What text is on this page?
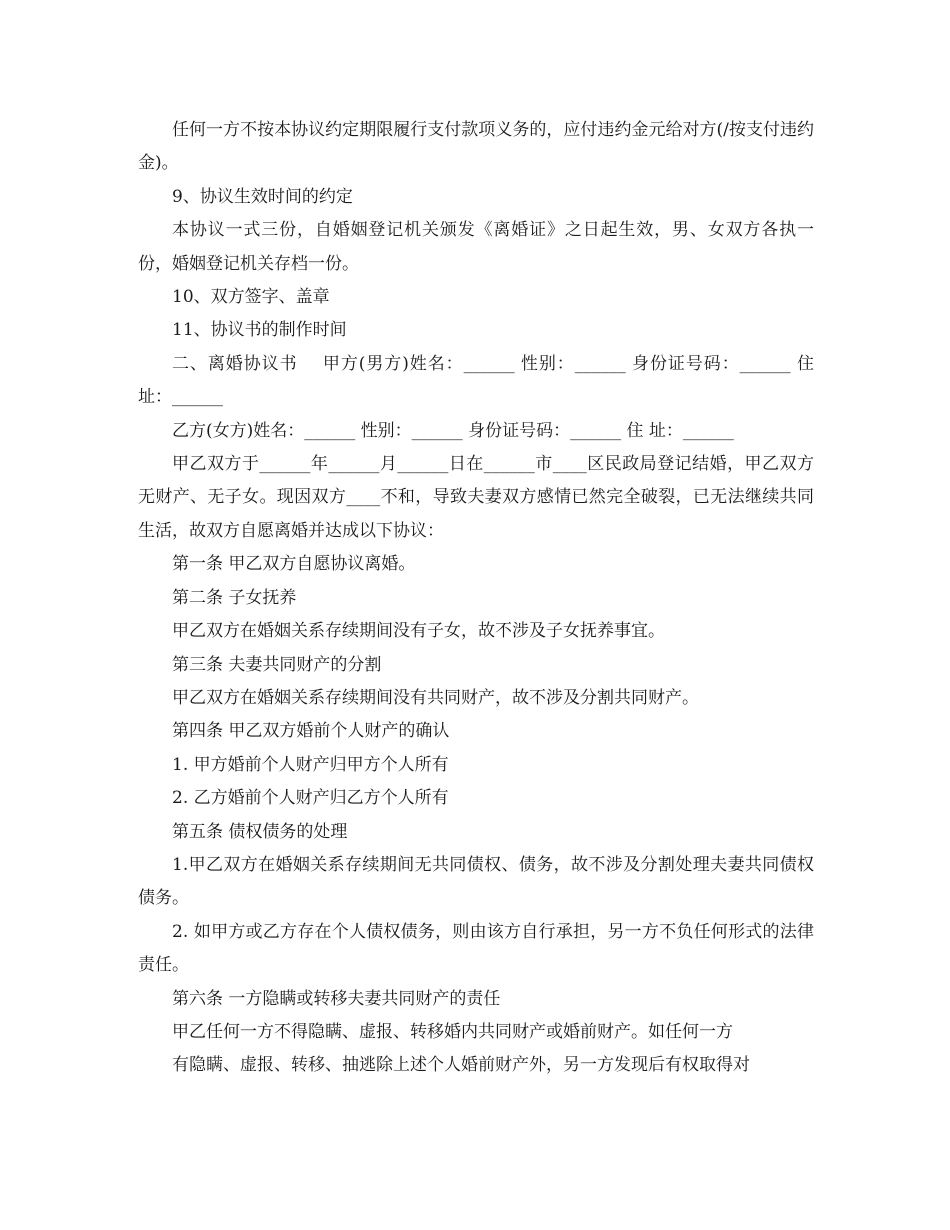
任何一方不按本协议约定期限履行支付款项义务的，应付违约金元给对方(/按支付违约金)。

9、协议生效时间的约定

本协议一式三份，自婚姻登记机关颁发《离婚证》之日起生效，男、女双方各执一份，婚姻登记机关存档一份。

10、双方签字、盖章

11、协议书的制作时间

二、离婚协议书    甲方(男方)姓名：______ 性别：______ 身份证号码：______ 住 址：______

乙方(女方)姓名：______ 性别：______ 身份证号码：______ 住 址：______

甲乙双方于______年______月______日在______市____区民政局登记结婚，甲乙双方无财产、无子女。现因双方____不和，导致夫妻双方感情已然完全破裂，已无法继续共同生活，故双方自愿离婚并达成以下协议：

第一条 甲乙双方自愿协议离婚。

第二条 子女抚养

甲乙双方在婚姻关系存续期间没有子女，故不涉及子女抚养事宜。

第三条 夫妻共同财产的分割

甲乙双方在婚姻关系存续期间没有共同财产，故不涉及分割共同财产。

第四条 甲乙双方婚前个人财产的确认

1. 甲方婚前个人财产归甲方个人所有

2. 乙方婚前个人财产归乙方个人所有

第五条 债权债务的处理

1.甲乙双方在婚姻关系存续期间无共同债权、债务，故不涉及分割处理夫妻共同债权债务。

2. 如甲方或乙方存在个人债权债务，则由该方自行承担，另一方不负任何形式的法律责任。

第六条 一方隐瞒或转移夫妻共同财产的责任

甲乙任何一方不得隐瞒、虚报、转移婚内共同财产或婚前财产。如任何一方

有隐瞒、虚报、转移、抽逃除上述个人婚前财产外，另一方发现后有权取得对
